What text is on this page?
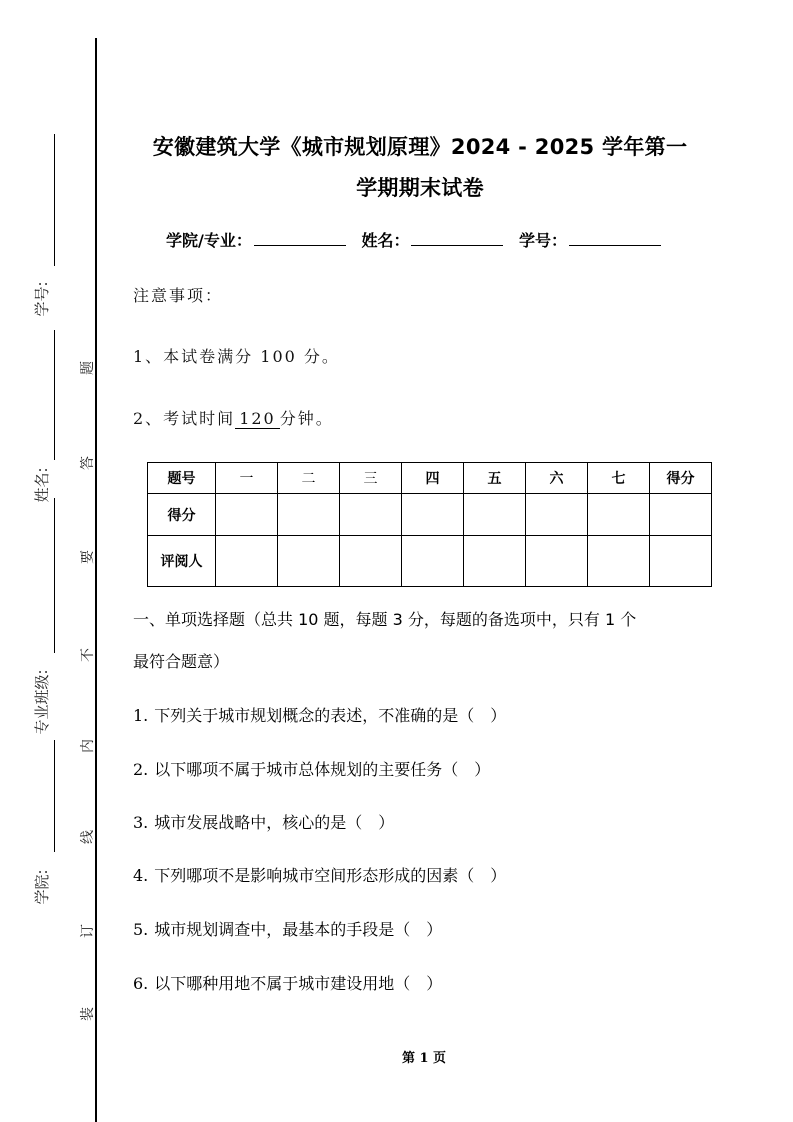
学号:
姓名:
专业班级:
学院:
题
答
要
不
内
线
订
装
安徽建筑大学《城市规划原理》2024 - 2025 学年第一
学期期末试卷
学院/专业：	姓名：	学号：
注意事项：
1、本试卷满分 100 分。
2、考试时间 120 分钟。
题号	一	二	三	四	五	六	七	得分
得分								
评阅人								
一、单项选择题（总共 10 题，每题 3 分，每题的备选项中，只有 1 个
最符合题意）
1. 下列关于城市规划概念的表述，不准确的是（　）
2. 以下哪项不属于城市总体规划的主要任务（　）
3. 城市发展战略中，核心的是（　）
4. 下列哪项不是影响城市空间形态形成的因素（　）
5. 城市规划调查中，最基本的手段是（　）
6. 以下哪种用地不属于城市建设用地（　）
第 1 页
